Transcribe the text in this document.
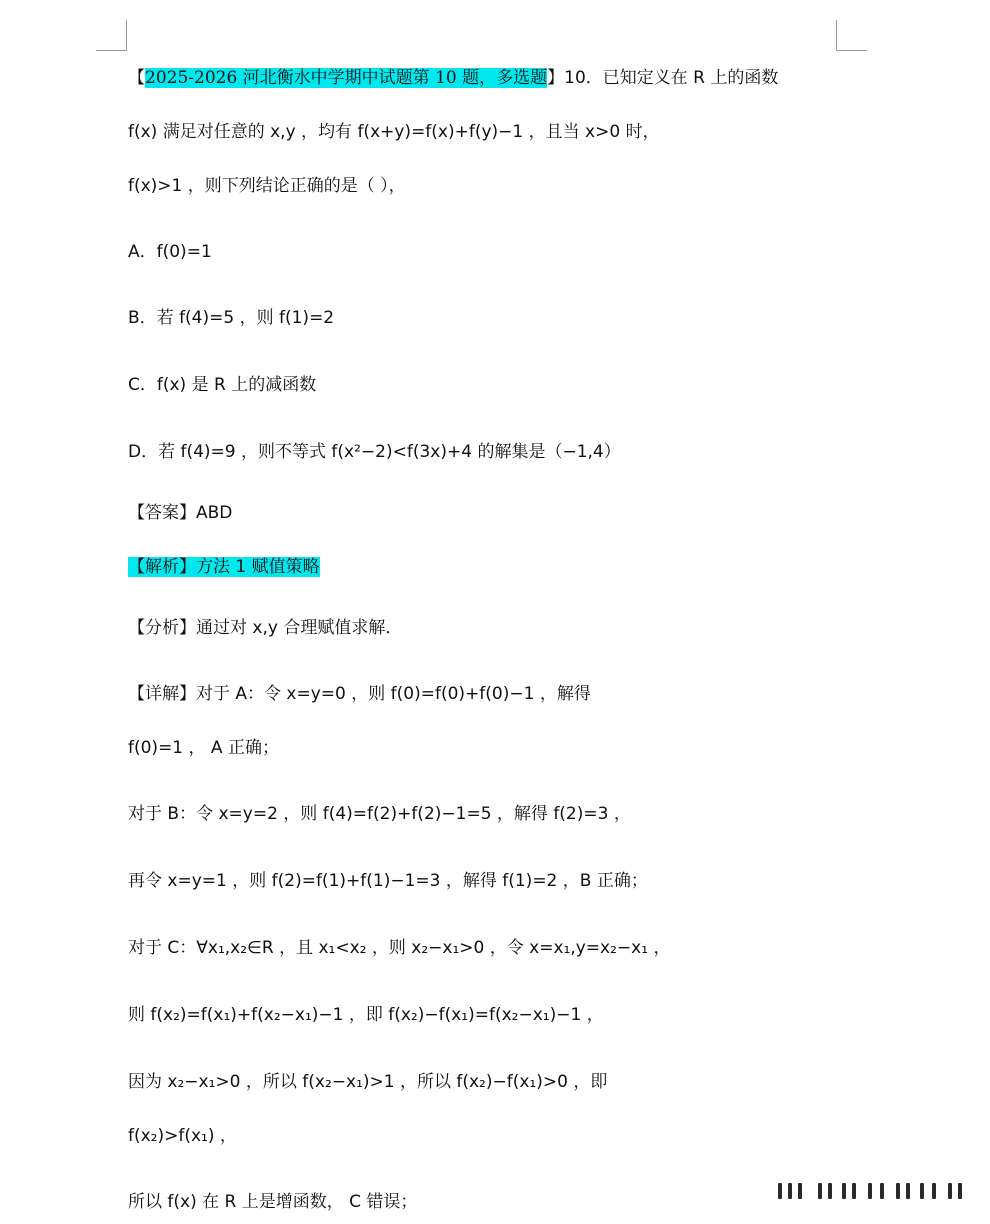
【2025-2026 河北衡水中学期中试题第 10 题，多选题】10．已知定义在 R 上的函数
f(x) 满足对任意的 x,y ，均有 f(x+y)=f(x)+f(y)−1 ，且当 x>0 时，
f(x)>1 ，则下列结论正确的是（ ），
A．f(0)=1
B．若 f(4)=5 ，则 f(1)=2
C．f(x) 是 R 上的减函数
D．若 f(4)=9 ，则不等式 f(x²−2)<f(3x)+4 的解集是（−1,4）
【答案】ABD
【解析】方法 1 赋值策略
【分析】通过对 x,y 合理赋值求解．
【详解】对于 A：令 x=y=0 ，则 f(0)=f(0)+f(0)−1 ，解得
f(0)=1 ， A 正确；
对于 B：令 x=y=2 ，则 f(4)=f(2)+f(2)−1=5 ，解得 f(2)=3 ，
再令 x=y=1 ，则 f(2)=f(1)+f(1)−1=3 ，解得 f(1)=2 ，B 正确；
对于 C：∀x₁,x₂∈R ，且 x₁<x₂ ，则 x₂−x₁>0 ，令 x=x₁,y=x₂−x₁ ，
则 f(x₂)=f(x₁)+f(x₂−x₁)−1 ，即 f(x₂)−f(x₁)=f(x₂−x₁)−1 ，
因为 x₂−x₁>0 ，所以 f(x₂−x₁)>1 ，所以 f(x₂)−f(x₁)>0 ，即
f(x₂)>f(x₁) ，
所以 f(x) 在 R 上是增函数， C 错误；
